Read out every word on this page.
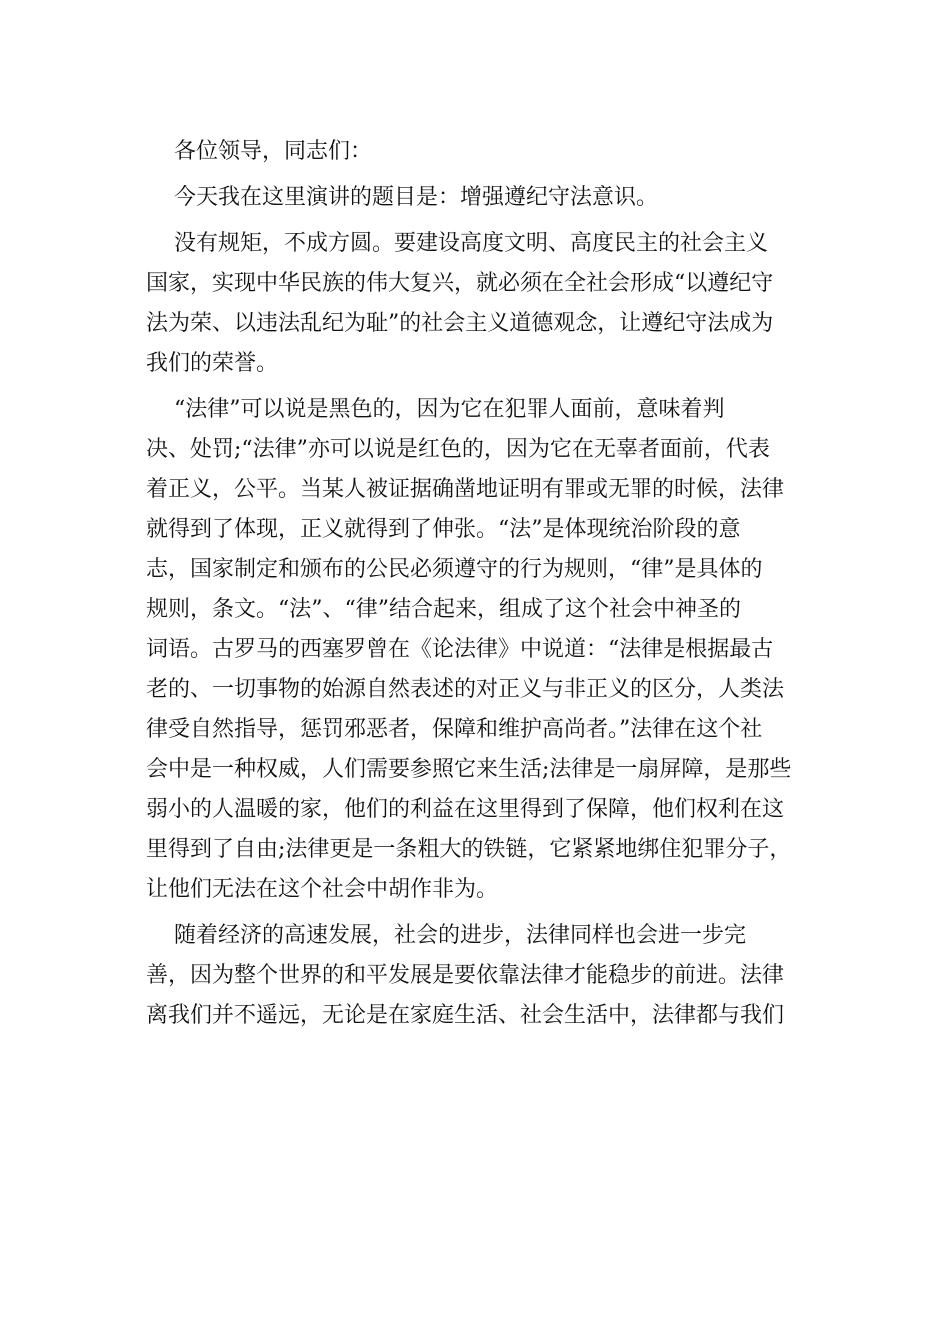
各位领导，同志们：
今天我在这里演讲的题目是：增强遵纪守法意识。
没有规矩，不成方圆。要建设高度文明、高度民主的社会主义
国家，实现中华民族的伟大复兴，就必须在全社会形成“以遵纪守
法为荣、以违法乱纪为耻”的社会主义道德观念，让遵纪守法成为
我们的荣誉。
“法律”可以说是黑色的，因为它在犯罪人面前，意味着判
决、处罚;“法律”亦可以说是红色的，因为它在无辜者面前，代表
着正义，公平。当某人被证据确凿地证明有罪或无罪的时候，法律
就得到了体现，正义就得到了伸张。“法”是体现统治阶段的意
志，国家制定和颁布的公民必须遵守的行为规则，“律”是具体的
规则，条文。“法”、“律”结合起来，组成了这个社会中神圣的
词语。古罗马的西塞罗曾在《论法律》中说道：“法律是根据最古
老的、一切事物的始源自然表述的对正义与非正义的区分，人类法
律受自然指导，惩罚邪恶者，保障和维护高尚者。”法律在这个社
会中是一种权威，人们需要参照它来生活;法律是一扇屏障，是那些
弱小的人温暖的家，他们的利益在这里得到了保障，他们权利在这
里得到了自由;法律更是一条粗大的铁链，它紧紧地绑住犯罪分子，
让他们无法在这个社会中胡作非为。
随着经济的高速发展，社会的进步，法律同样也会进一步完
善，因为整个世界的和平发展是要依靠法律才能稳步的前进。法律
离我们并不遥远，无论是在家庭生活、社会生活中，法律都与我们
